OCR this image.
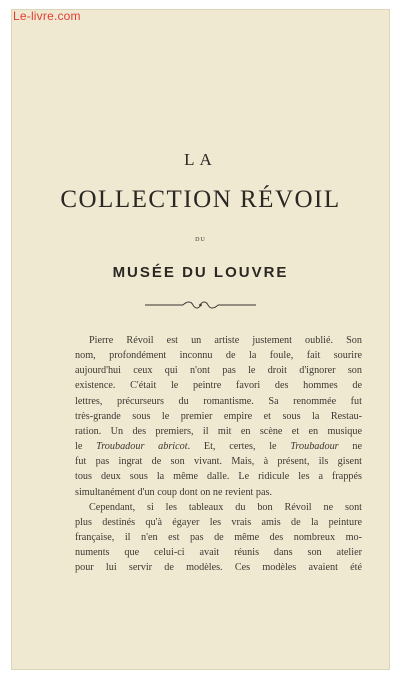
Le-livre.com
LA
COLLECTION RÉVOIL
DU
MUSÉE DU LOUVRE
Pierre Révoil est un artiste justement oublié. Son
nom, profondément inconnu de la foule, fait sourire
aujourd'hui ceux qui n'ont pas le droit d'ignorer son
existence. C'était le peintre favori des hommes de
lettres, précurseurs du romantisme. Sa renommée fut
très-grande sous le premier empire et sous la Restau-
ration. Un des premiers, il mit en scène et en musique
le Troubadour abricot. Et, certes, le Troubadour ne
fut pas ingrat de son vivant. Mais, à présent, ils gisent
tous deux sous la même dalle. Le ridicule les a frappés
simultanément d'un coup dont on ne revient pas.
Cependant, si les tableaux du bon Révoil ne sont
plus destinés qu'à égayer les vrais amis de la peinture
française, il n'en est pas de même des nombreux mo-
numents que celui-ci avait réunis dans son atelier
pour lui servir de modèles. Ces modèles avaient été
